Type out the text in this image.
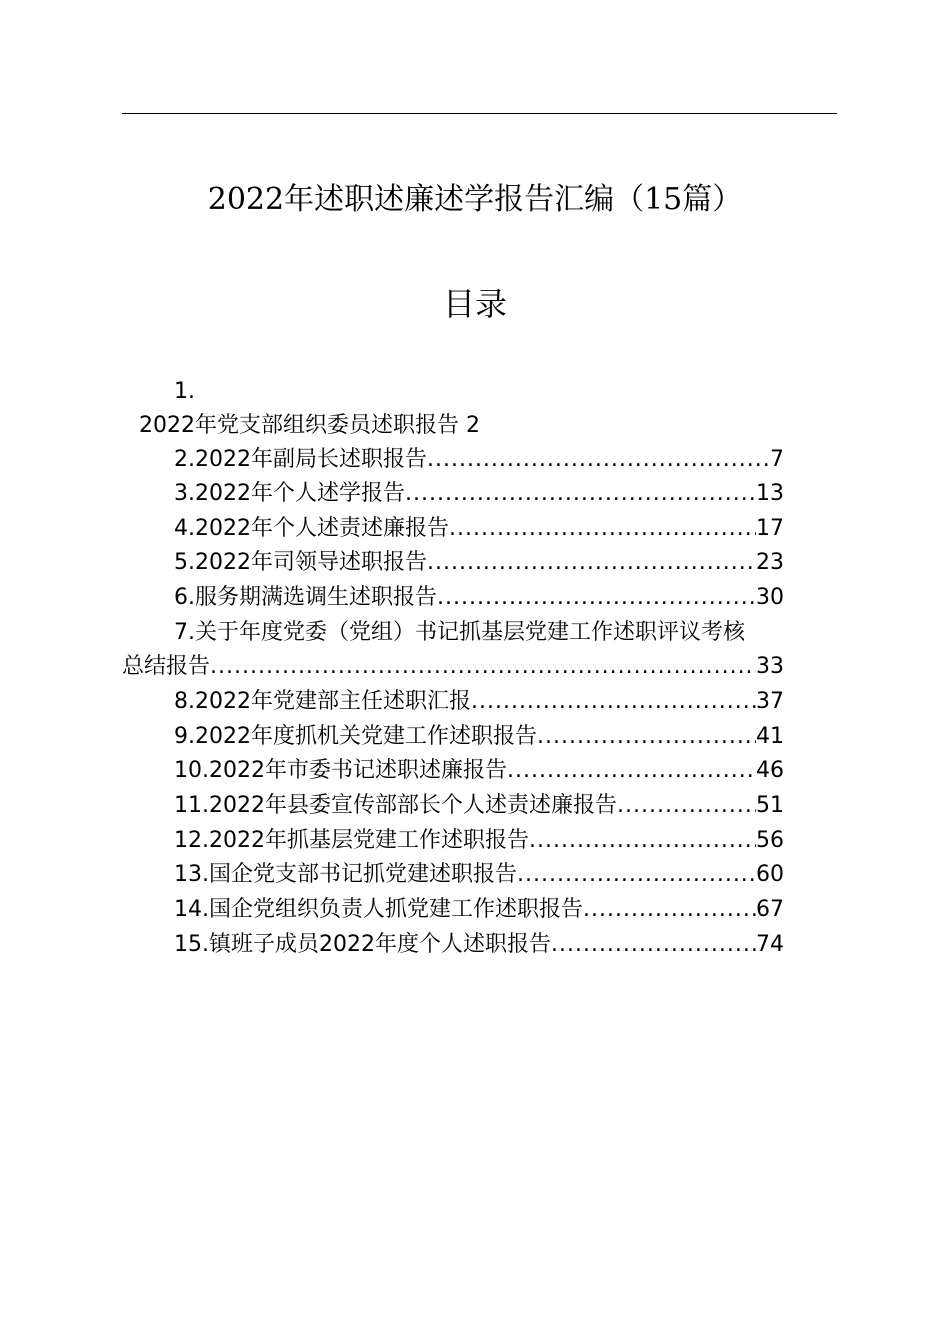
2022年述职述廉述学报告汇编（15篇）
目录
1.
2022年党支部组织委员述职报告 2
2.2022年副局长述职报告 .....	7
3.2022年个人述学报告 .....	13
4.2022年个人述责述廉报告 .....	17
5.2022年司领导述职报告 .....	23
6.服务期满选调生述职报告 .....	30
7.关于年度党委（党组）书记抓基层党建工作述职评议考核
总结报告 .....	33
8.2022年党建部主任述职汇报 .....	37
9.2022年度抓机关党建工作述职报告 .....	41
10.2022年市委书记述职述廉报告 .....	46
11.2022年县委宣传部部长个人述责述廉报告 .....	51
12.2022年抓基层党建工作述职报告 .....	56
13.国企党支部书记抓党建述职报告 .....	60
14.国企党组织负责人抓党建工作述职报告 .....	67
15.镇班子成员2022年度个人述职报告 .....	74
